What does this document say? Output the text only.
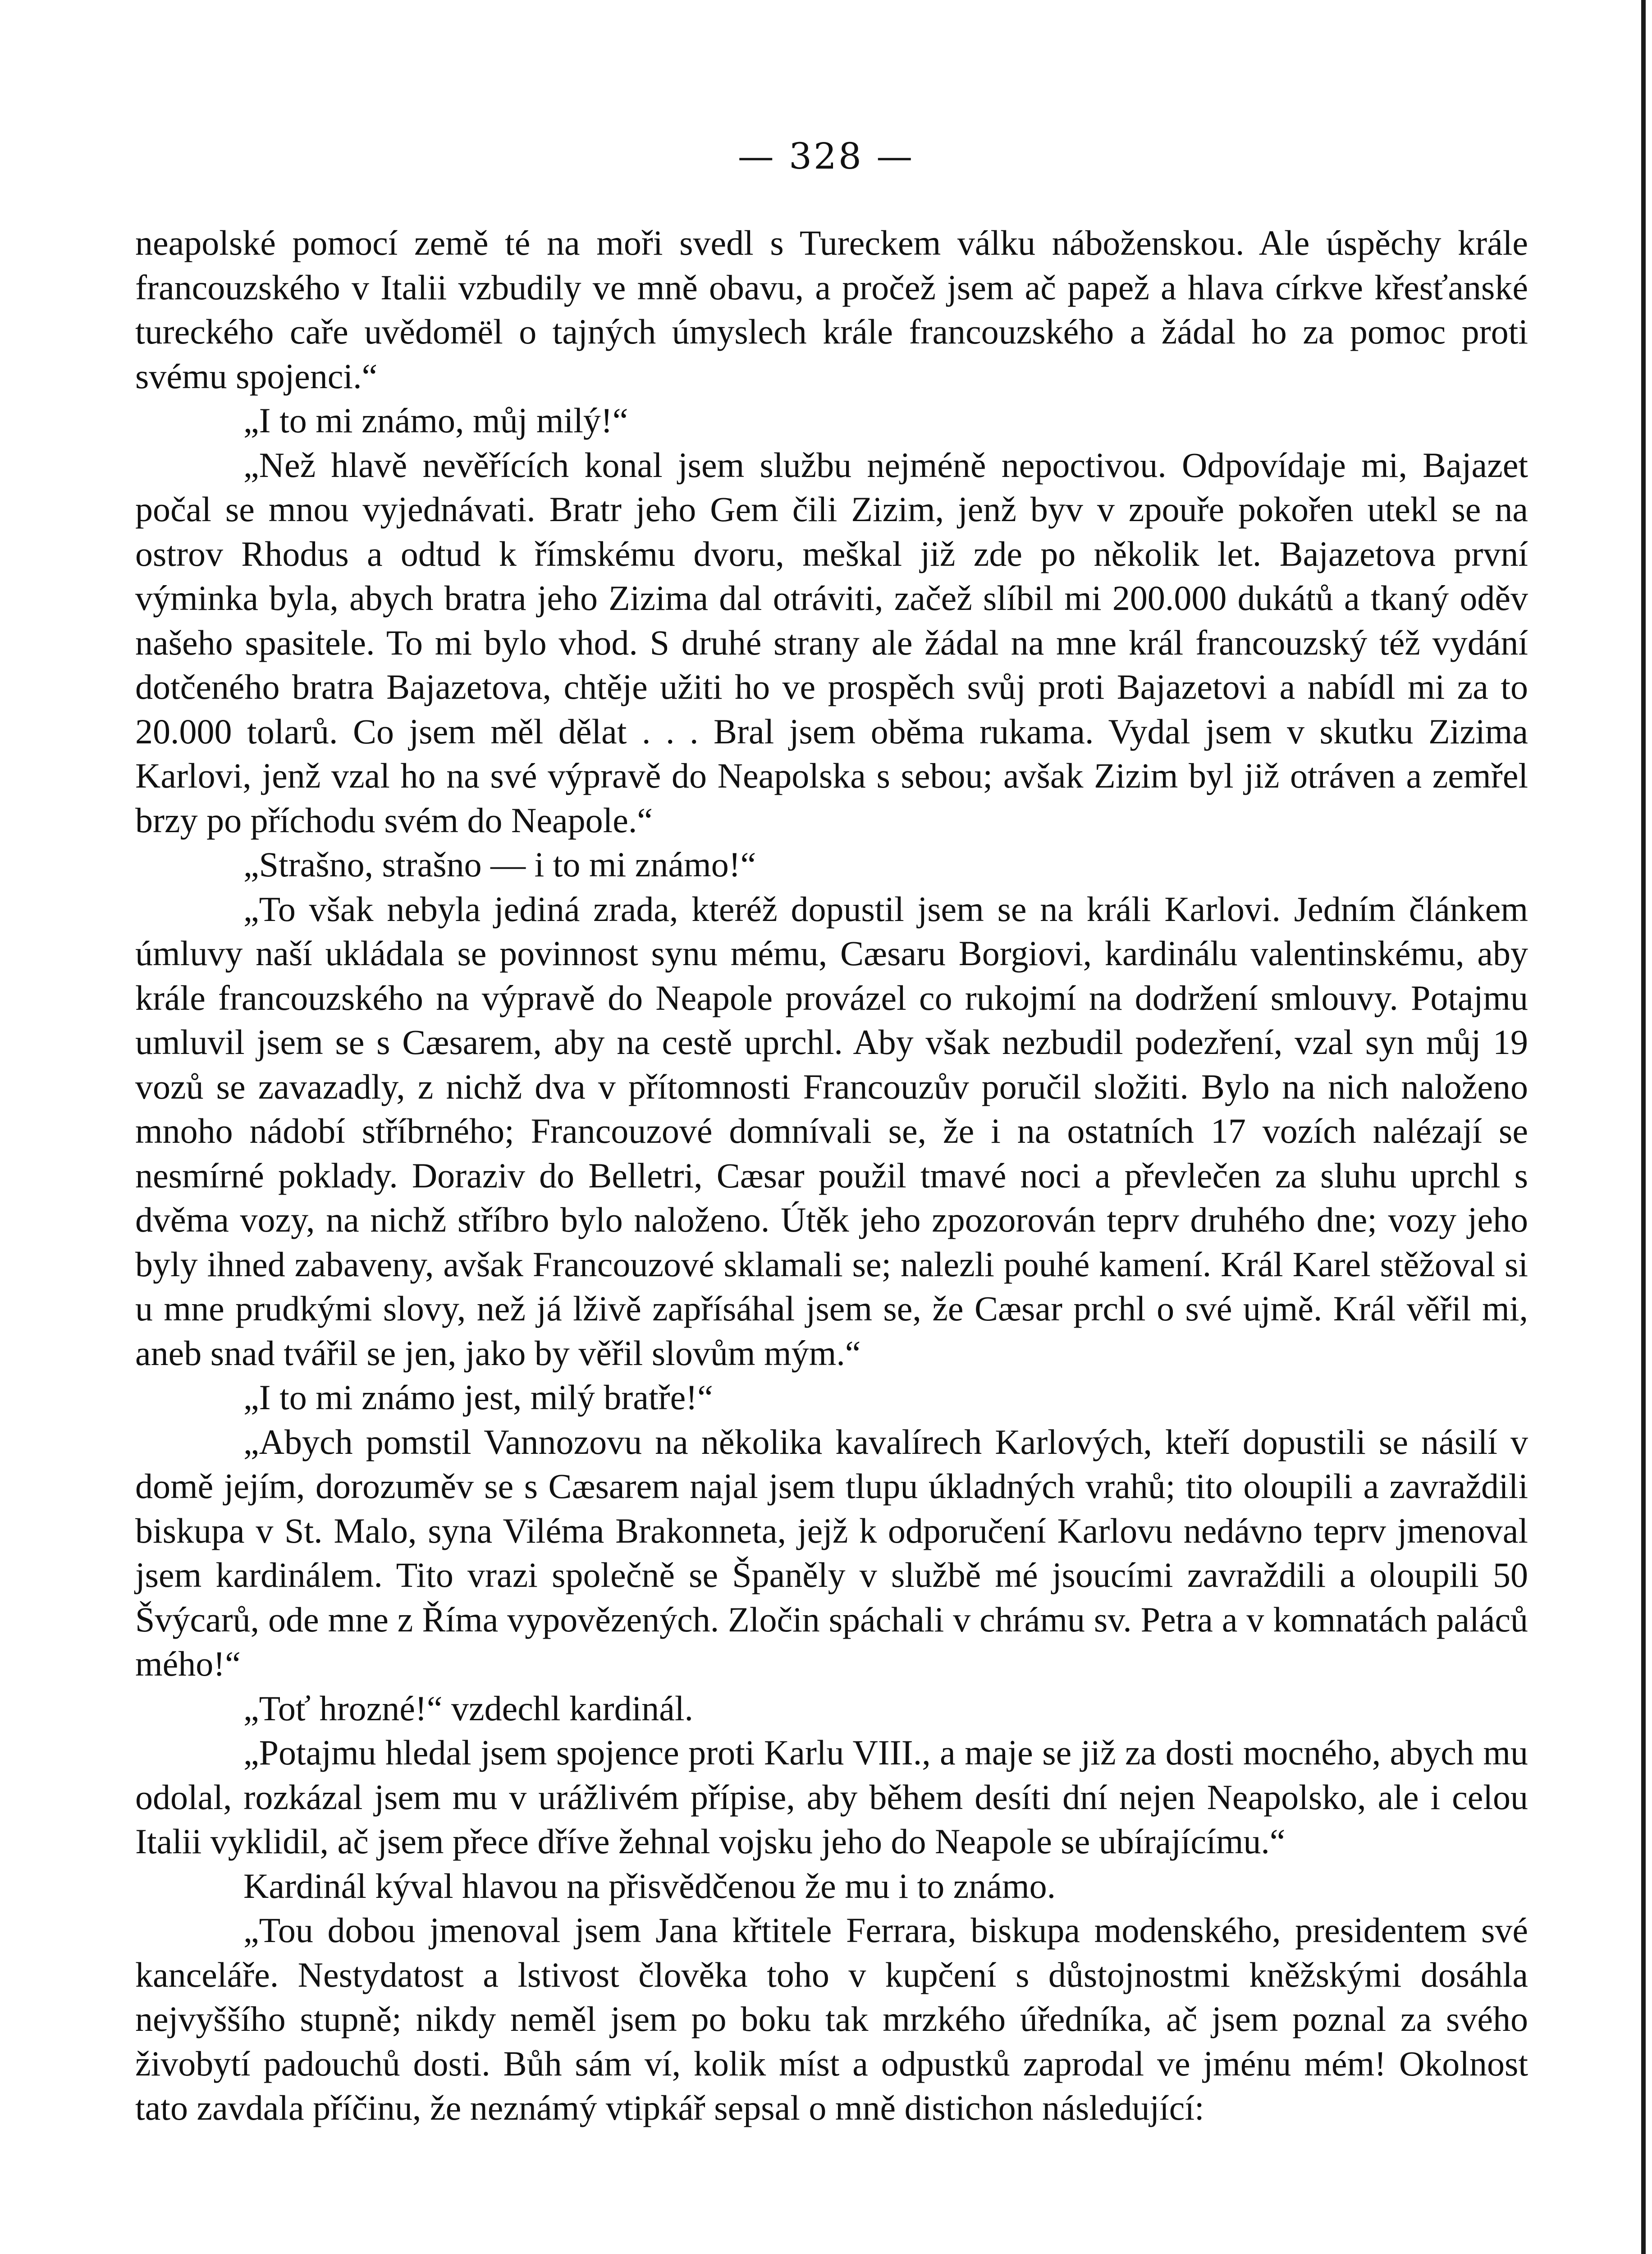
— 328 —

neapolské pomocí země té na moři svedl s Tureckem válku náboženskou. Ale úspěchy krále francouzského v Italii vzbudily ve mně obavu, a pročež jsem ač papež a hlava církve křesťanské tureckého caře uvědomël o tajných úmyslech krále francouzského a žádal ho za pomoc proti svému spojenci.“

„I to mi známo, můj milý!“

„Než hlavě nevěřících konal jsem službu nejméně nepoctivou. Odpovídaje mi, Bajazet počal se mnou vyjednávati. Bratr jeho Gem čili Zizim, jenž byv v zpouře pokořen utekl se na ostrov Rhodus a odtud k římskému dvoru, meškal již zde po několik let. Bajazetova první výminka byla, abych bratra jeho Zizima dal otráviti, začež slíbil mi 200.000 dukátů a tkaný oděv našeho spasitele. To mi bylo vhod. S druhé strany ale žádal na mne král francouzský též vydání dotčeného bratra Bajazetova, chtěje užiti ho ve prospěch svůj proti Bajazetovi a nabídl mi za to 20.000 tolarů. Co jsem měl dělat . . . Bral jsem oběma rukama. Vydal jsem v skutku Zizima Karlovi, jenž vzal ho na své výpravě do Neapolska s sebou; avšak Zizim byl již otráven a zemřel brzy po příchodu svém do Neapole.“

„Strašno, strašno — i to mi známo!“

„To však nebyla jediná zrada, kteréž dopustil jsem se na králi Karlovi. Jedním článkem úmluvy naší ukládala se povinnost synu mému, Cæsaru Borgiovi, kardinálu valentinskému, aby krále francouzského na výpravě do Neapole provázel co rukojmí na dodržení smlouvy. Potajmu umluvil jsem se s Cæsarem, aby na cestě uprchl. Aby však nezbudil podezření, vzal syn můj 19 vozů se zavazadly, z nichž dva v přítomnosti Francouzův poručil složiti. Bylo na nich naloženo mnoho nádobí stříbrného; Francouzové domnívali se, že i na ostatních 17 vozích nalézají se nesmírné poklady. Doraziv do Belletri, Cæsar použil tmavé noci a převlečen za sluhu uprchl s dvěma vozy, na nichž stříbro bylo naloženo. Útěk jeho zpozorován teprv druhého dne; vozy jeho byly ihned zabaveny, avšak Francouzové sklamali se; nalezli pouhé kamení. Král Karel stěžoval si u mne prudkými slovy, než já lživě zapřísáhal jsem se, že Cæsar prchl o své ujmě. Král věřil mi, aneb snad tvářil se jen, jako by věřil slovům mým.“

„I to mi známo jest, milý bratře!“

„Abych pomstil Vannozovu na několika kavalírech Karlových, kteří dopustili se násilí v domě jejím, dorozuměv se s Cæsarem najal jsem tlupu úkladných vrahů; tito oloupili a zavraždili biskupa v St. Malo, syna Viléma Brakonneta, jejž k odporučení Karlovu nedávno teprv jmenoval jsem kardinálem. Tito vrazi společně se Španěly v službě mé jsoucími zavraždili a oloupili 50 Švýcarů, ode mne z Říma vypovězených. Zločin spáchali v chrámu sv. Petra a v komnatách paláců mého!“

„Toť hrozné!“ vzdechl kardinál.

„Potajmu hledal jsem spojence proti Karlu VIII., a maje se již za dosti mocného, abych mu odolal, rozkázal jsem mu v urážlivém přípise, aby během desíti dní nejen Neapolsko, ale i celou Italii vyklidil, ač jsem přece dříve žehnal vojsku jeho do Neapole se ubírajícímu.“

Kardinál kýval hlavou na přisvědčenou že mu i to známo.

„Tou dobou jmenoval jsem Jana křtitele Ferrara, biskupa modenského, presidentem své kanceláře. Nestydatost a lstivost člověka toho v kupčení s důstojnostmi kněžskými dosáhla nejvyššího stupně; nikdy neměl jsem po boku tak mrzkého úředníka, ač jsem poznal za svého živobytí padouchů dosti. Bůh sám ví, kolik míst a odpustků zaprodal ve jménu mém! Okolnost tato zavdala příčinu, že neznámý vtipkář sepsal o mně distichon následující:
